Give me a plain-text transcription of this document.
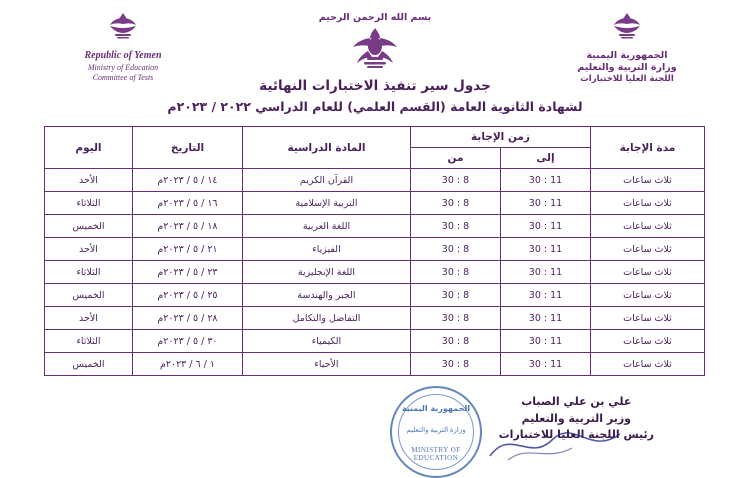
الجمهورية اليمنية
وزارة التربية والتعليم
اللجنة العليا للاختبارات
بسم الله الرحمن الرحيم
Republic of Yemen
Ministry of Education
Committee of Tests
جدول سير تنفيذ الاختبارات النهائية
لشهادة الثانوية العامة (القسم العلمي) للعام الدراسي ٢٠٢٢ / ٢٠٢٣م
مدة الإجابة	زمن الإجابة		المادة الدراسية	التاريخ	اليوم
	إلى	من			
ثلاث ساعات	11 : 30	8 : 30	القرآن الكريم	١٤ / ٥ / ٢٠٢٣م	الأحد
ثلاث ساعات	11 : 30	8 : 30	التربية الإسلامية	١٦ / ٥ / ٢٠٢٣م	الثلاثاء
ثلاث ساعات	11 : 30	8 : 30	اللغة العربية	١٨ / ٥ / ٢٠٢٣م	الخميس
ثلاث ساعات	11 : 30	8 : 30	الفيزياء	٢١ / ٥ / ٢٠٢٣م	الأحد
ثلاث ساعات	11 : 30	8 : 30	اللغة الإنجليزية	٢٣ / ٥ / ٢٠٢٣م	الثلاثاء
ثلاث ساعات	11 : 30	8 : 30	الجبر والهندسة	٢٥ / ٥ / ٢٠٢٣م	الخميس
ثلاث ساعات	11 : 30	8 : 30	التفاضل والتكامل	٢٨ / ٥ / ٢٠٢٣م	الأحد
ثلاث ساعات	11 : 30	8 : 30	الكيمياء	٣٠ / ٥ / ٢٠٢٣م	الثلاثاء
ثلاث ساعات	11 : 30	8 : 30	الأحياء	١ / ٦ / ٢٠٢٣م	الخميس
علي بن علي الصباب
وزير التربية والتعليم
رئيس اللجنة العليا للاختبارات
الجمهورية اليمنية
وزارة التربية والتعليم
MINISTRY OF EDUCATION
